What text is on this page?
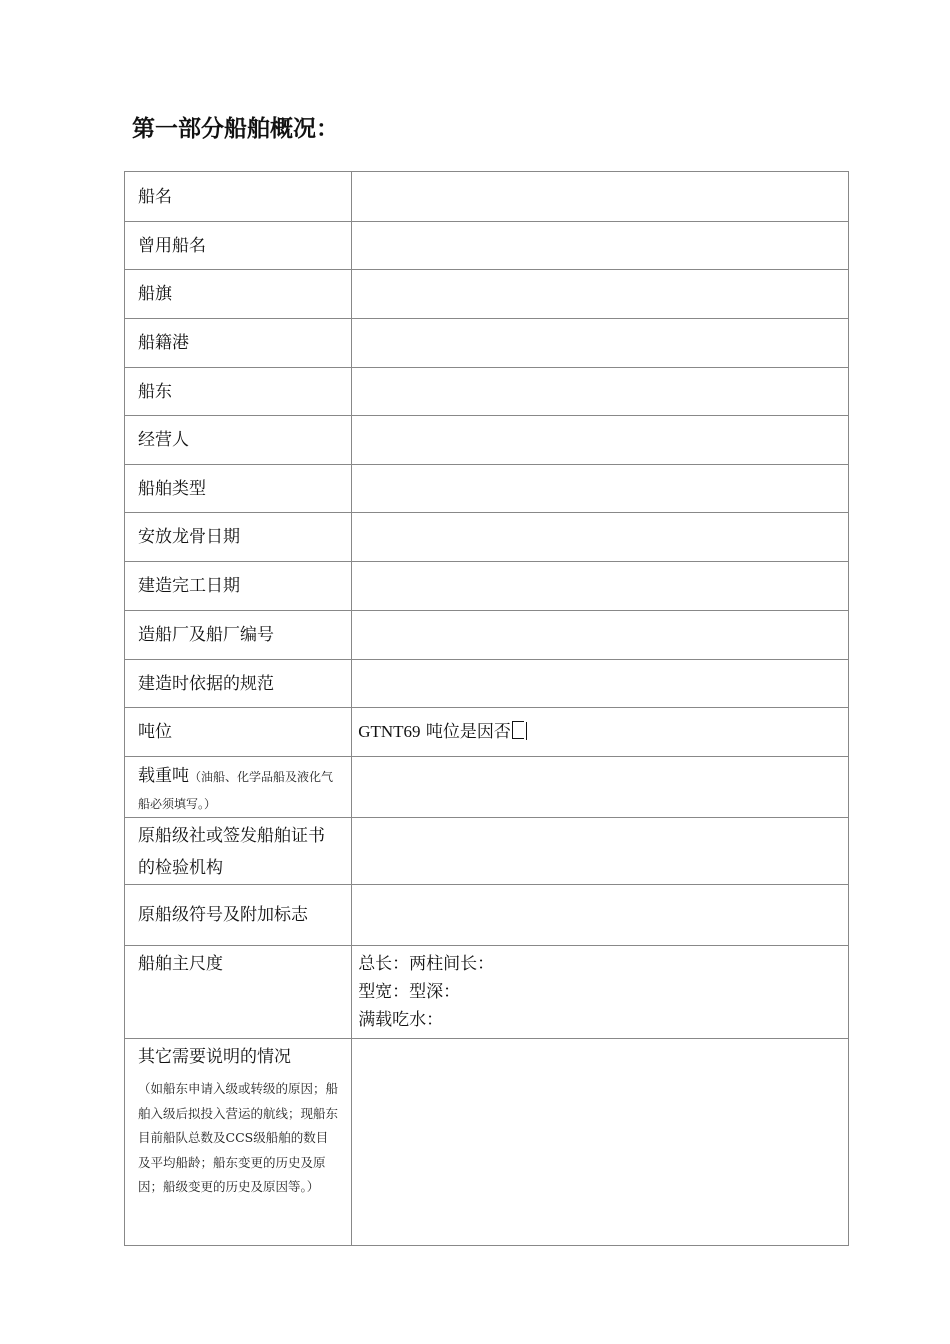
第一部分船舶概况：
船名	
曾用船名	
船旗	
船籍港	
船东	
经营人	
船舶类型	
安放龙骨日期	
建造完工日期	
造船厂及船厂编号	
建造时依据的规范	
吨位	GTNT69 吨位是因否
载重吨（油船、化学品船及液化气船必须填写。）	
原船级社或签发船舶证书的检验机构	
原船级符号及附加标志	
船舶主尺度	总长：两柱间长：
型宽：型深：
满载吃水：

其它需要说明的情况
（如船东申请入级或转级的原因；船舶入级后拟投入营运的航线；现船东目前船队总数及CCS级船舶的数目及平均船龄；船东变更的历史及原因；船级变更的历史及原因等。）	
